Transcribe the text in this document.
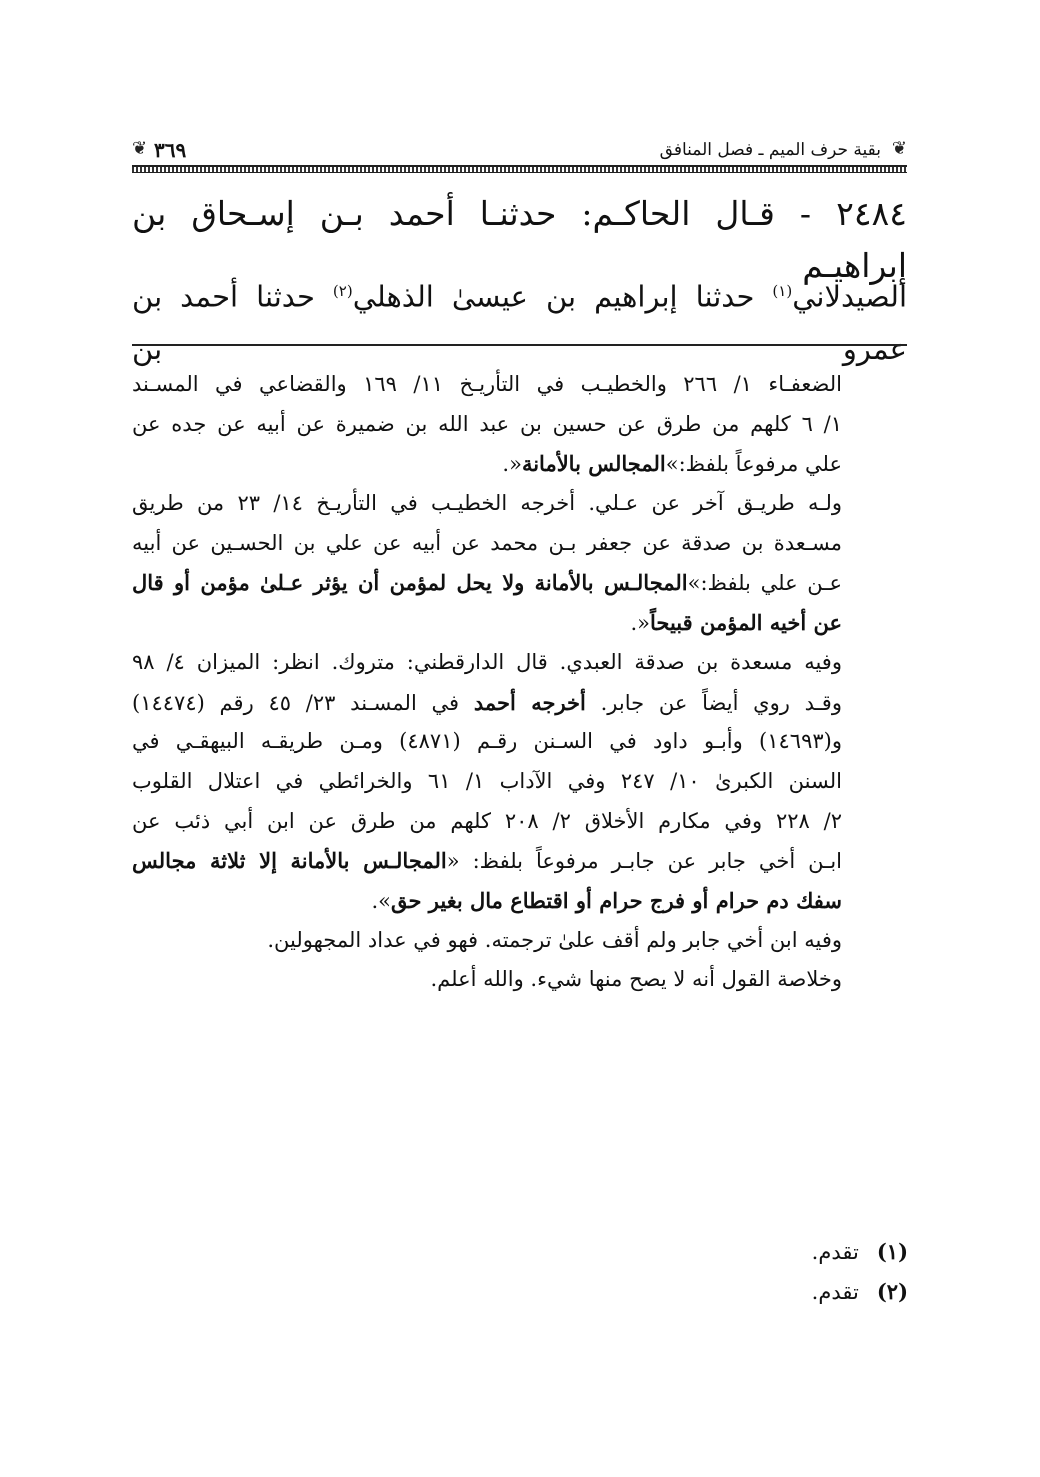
❦
بقية حرف الميم ـ فصل المنافق
٣٦٩
❦
٢٤٨٤ - قـال الحاكـم: حدثنـا أحمد بـن إسـحاق بن إبراهيـم
الصيدلاني$^{(١)}$ حدثنا إبراهيم بن عيسىٰ الذهلي$^{(٢)}$ حدثنا أحمد بن عمرو بن
الضعفـاء ١/ ٢٦٦ والخطيـب في التأريـخ ١١/ ١٦٩ والقضاعي في المسـند
١/ ٦ كلهم من طرق عن حسين بن عبد الله بن ضميرة عن أبيه عن جده عن
علي مرفوعاً بلفظ:»المجالس بالأمانة«.
ولـه طريـق آخر عن عـلي. أخرجه الخطيـب في التأريـخ ١٤/ ٢٣ من طريق
مسـعدة بن صدقة عن جعفر بـن محمد عن أبيه عن علي بن الحسـين عن أبيه
عـن علي بلفظ:»المجالـس بالأمانة ولا يحل لمؤمن أن يؤثر عـلىٰ مؤمن أو قال
عن أخيه المؤمن قبيحاً«.
وفيه مسعدة بن صدقة العبدي. قال الدارقطني: متروك. انظر: الميزان ٤/ ٩٨
وقـد روي أيضاً عن جابر. أخرجه أحمد في المسـند ٢٣/ ٤٥ رقم (١٤٤٧٤)
و(١٤٦٩٣) وأبـو داود في السـنن رقـم (٤٨٧١) ومـن طريقـه البيهقـي في
السنن الكبرىٰ ١٠/ ٢٤٧ وفي الآداب ١/ ٦١ والخرائطي في اعتلال القلوب
٢/ ٢٢٨ وفي مكارم الأخلاق ٢/ ٢٠٨ كلهم من طرق عن ابن أبي ذئب عن
ابـن أخي جابر عن جابـر مرفوعاً بلفظ: «المجالـس بالأمانة إلا ثلاثة مجالس
سفك دم حرام أو فرج حرام أو اقتطاع مال بغير حق».
وفيه ابن أخي جابر ولم أقف علىٰ ترجمته. فهو في عداد المجهولين.
وخلاصة القول أنه لا يصح منها شيء. والله أعلم.
(١)تقدم.
(٢)تقدم.
